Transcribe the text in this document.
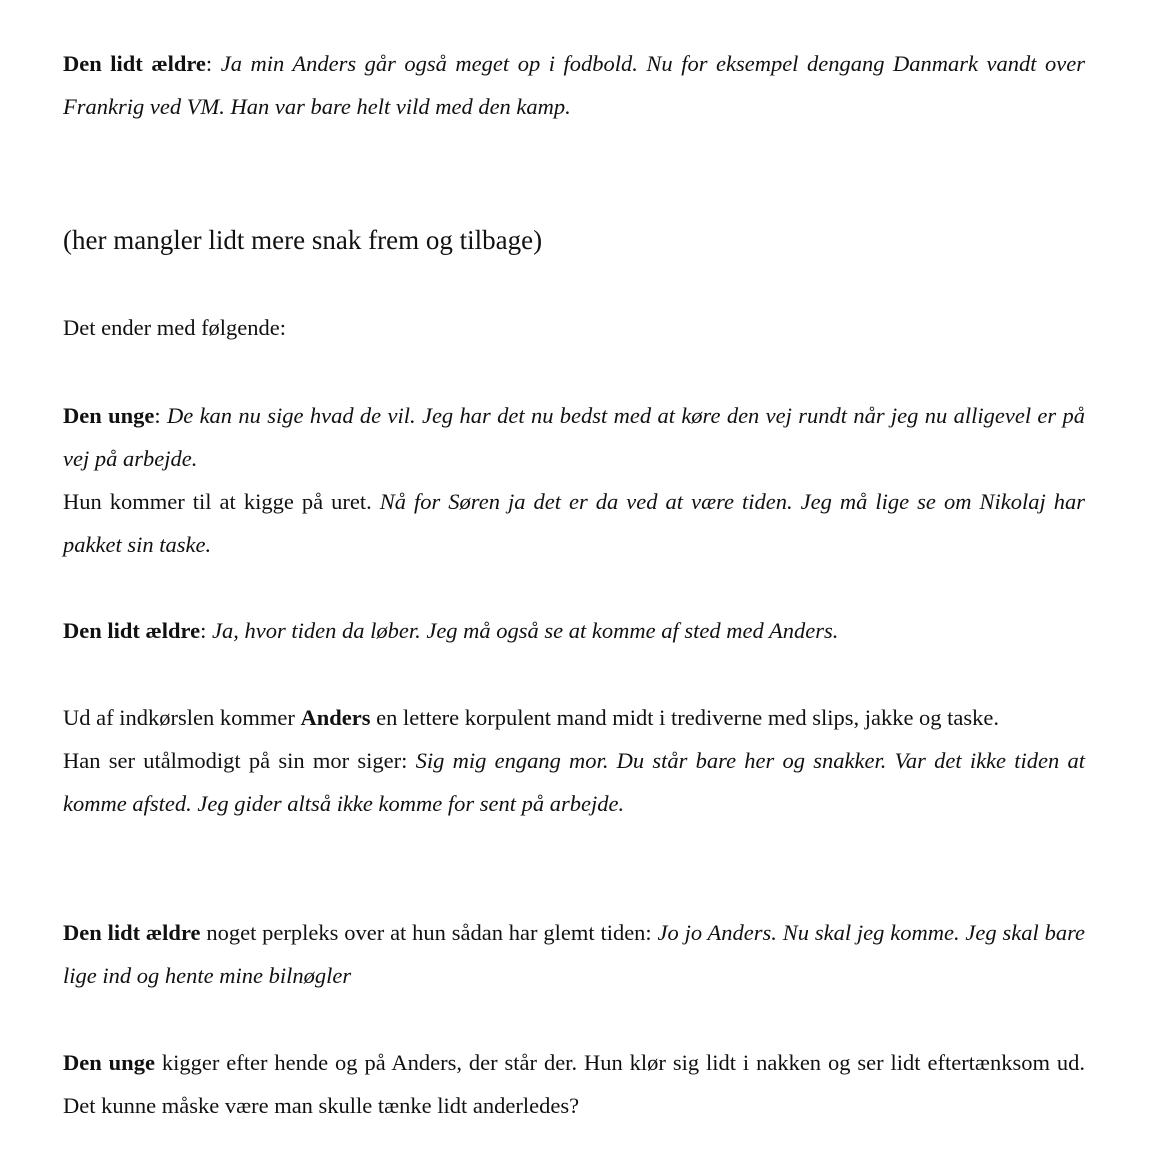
Den lidt ældre: Ja min Anders går også meget op i fodbold. Nu for eksempel dengang Danmark vandt over Frankrig ved VM. Han var bare helt vild med den kamp.

(her mangler lidt mere snak frem og tilbage)

Det ender med følgende:

Den unge: De kan nu sige hvad de vil. Jeg har det nu bedst med at køre den vej rundt når jeg nu alligevel er på vej på arbejde.
Hun kommer til at kigge på uret. Nå for Søren ja det er da ved at være tiden. Jeg må lige se om Nikolaj har pakket sin taske.

Den lidt ældre: Ja, hvor tiden da løber. Jeg må også se at komme af sted med Anders.

Ud af indkørslen kommer Anders en lettere korpulent mand midt i trediverne med slips, jakke og taske.
Han ser utålmodigt på sin mor siger: Sig mig engang mor. Du står bare her og snakker. Var det ikke tiden at komme afsted. Jeg gider altså ikke komme for sent på arbejde.

Den lidt ældre noget perpleks over at hun sådan har glemt tiden: Jo jo Anders. Nu skal jeg komme. Jeg skal bare lige ind og hente mine bilnøgler

Den unge kigger efter hende og på Anders, der står der. Hun klør sig lidt i nakken og ser lidt eftertænksom ud. Det kunne måske være man skulle tænke lidt anderledes?
